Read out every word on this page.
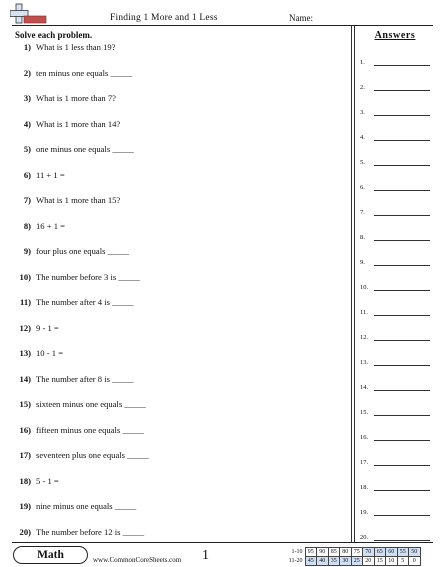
Finding 1 More and 1 Less	Name:
Solve each problem.
1) What is 1 less than 19?
2) ten minus one equals _____
3) What is 1 more than 7?
4) What is 1 more than 14?
5) one minus one equals _____
6) 11 + 1 =
7) What is 1 more than 15?
8) 16 + 1 =
9) four plus one equals _____
10) The number before 3 is _____
11) The number after 4 is _____
12) 9 - 1 =
13) 10 - 1 =
14) The number after 8 is _____
15) sixteen minus one equals _____
16) fifteen minus one equals _____
17) seventeen plus one equals _____
18) 5 - 1 =
19) nine minus one equals _____
20) The number before 12 is _____
Answers
1.
2.
3.
4.
5.
6.
7.
8.
9.
10.
11.
12.
13.
14.
15.
16.
17.
18.
19.
20.
Math	www.CommonCoreSheets.com 1	1-10	95	90	85	80	75	70	65	60	55	50
11-20	45	40	35	30	25	20	15	10	5	0
